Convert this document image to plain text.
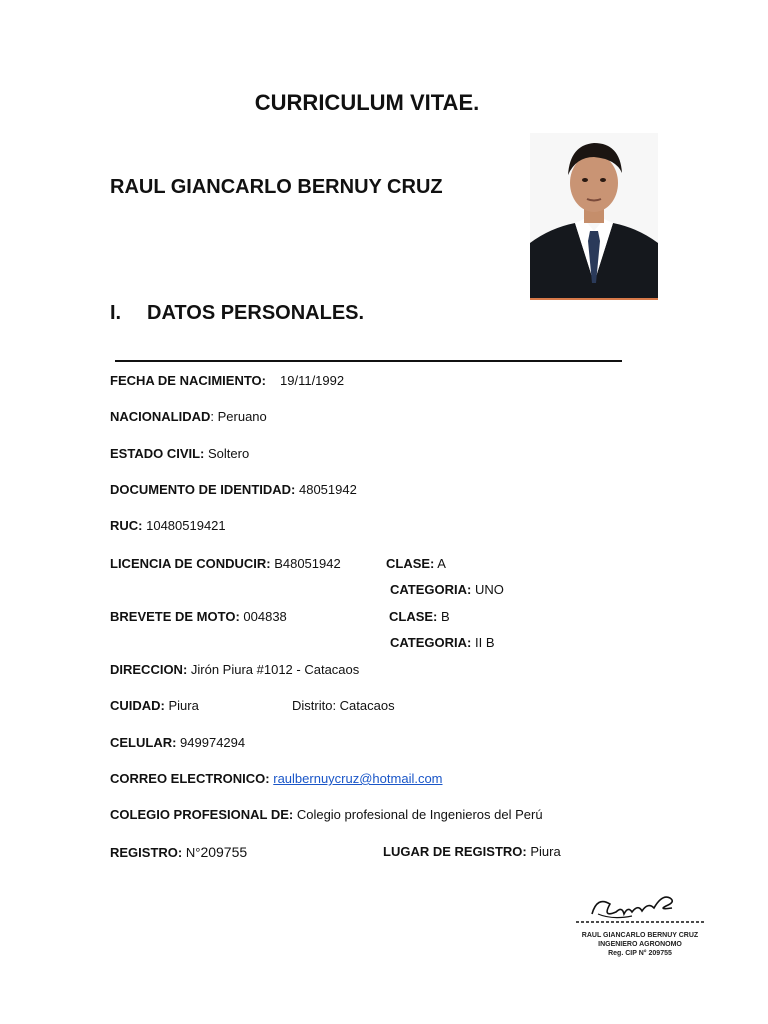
CURRICULUM VITAE.
RAUL GIANCARLO BERNUY CRUZ
I. DATOS PERSONALES.
FECHA DE NACIMIENTO: 19/11/1992
NACIONALIDAD: Peruano
ESTADO CIVIL: Soltero
DOCUMENTO DE IDENTIDAD: 48051942
RUC: 10480519421
LICENCIA DE CONDUCIR: B48051942	CLASE: A
CATEGORIA: UNO
BREVETE DE MOTO: 004838	CLASE: B
CATEGORIA: II B
DIRECCION: Jirón Piura #1012 - Catacaos
CUIDAD: Piura	Distrito: Catacaos
CELULAR: 949974294
CORREO ELECTRONICO: raulbernuycruz@hotmail.com
COLEGIO PROFESIONAL DE: Colegio profesional de Ingenieros del Perú
REGISTRO: N°209755	LUGAR DE REGISTRO: Piura
RAUL GIANCARLO BERNUY CRUZ
INGENIERO AGRONOMO
Reg. CIP N° 209755
